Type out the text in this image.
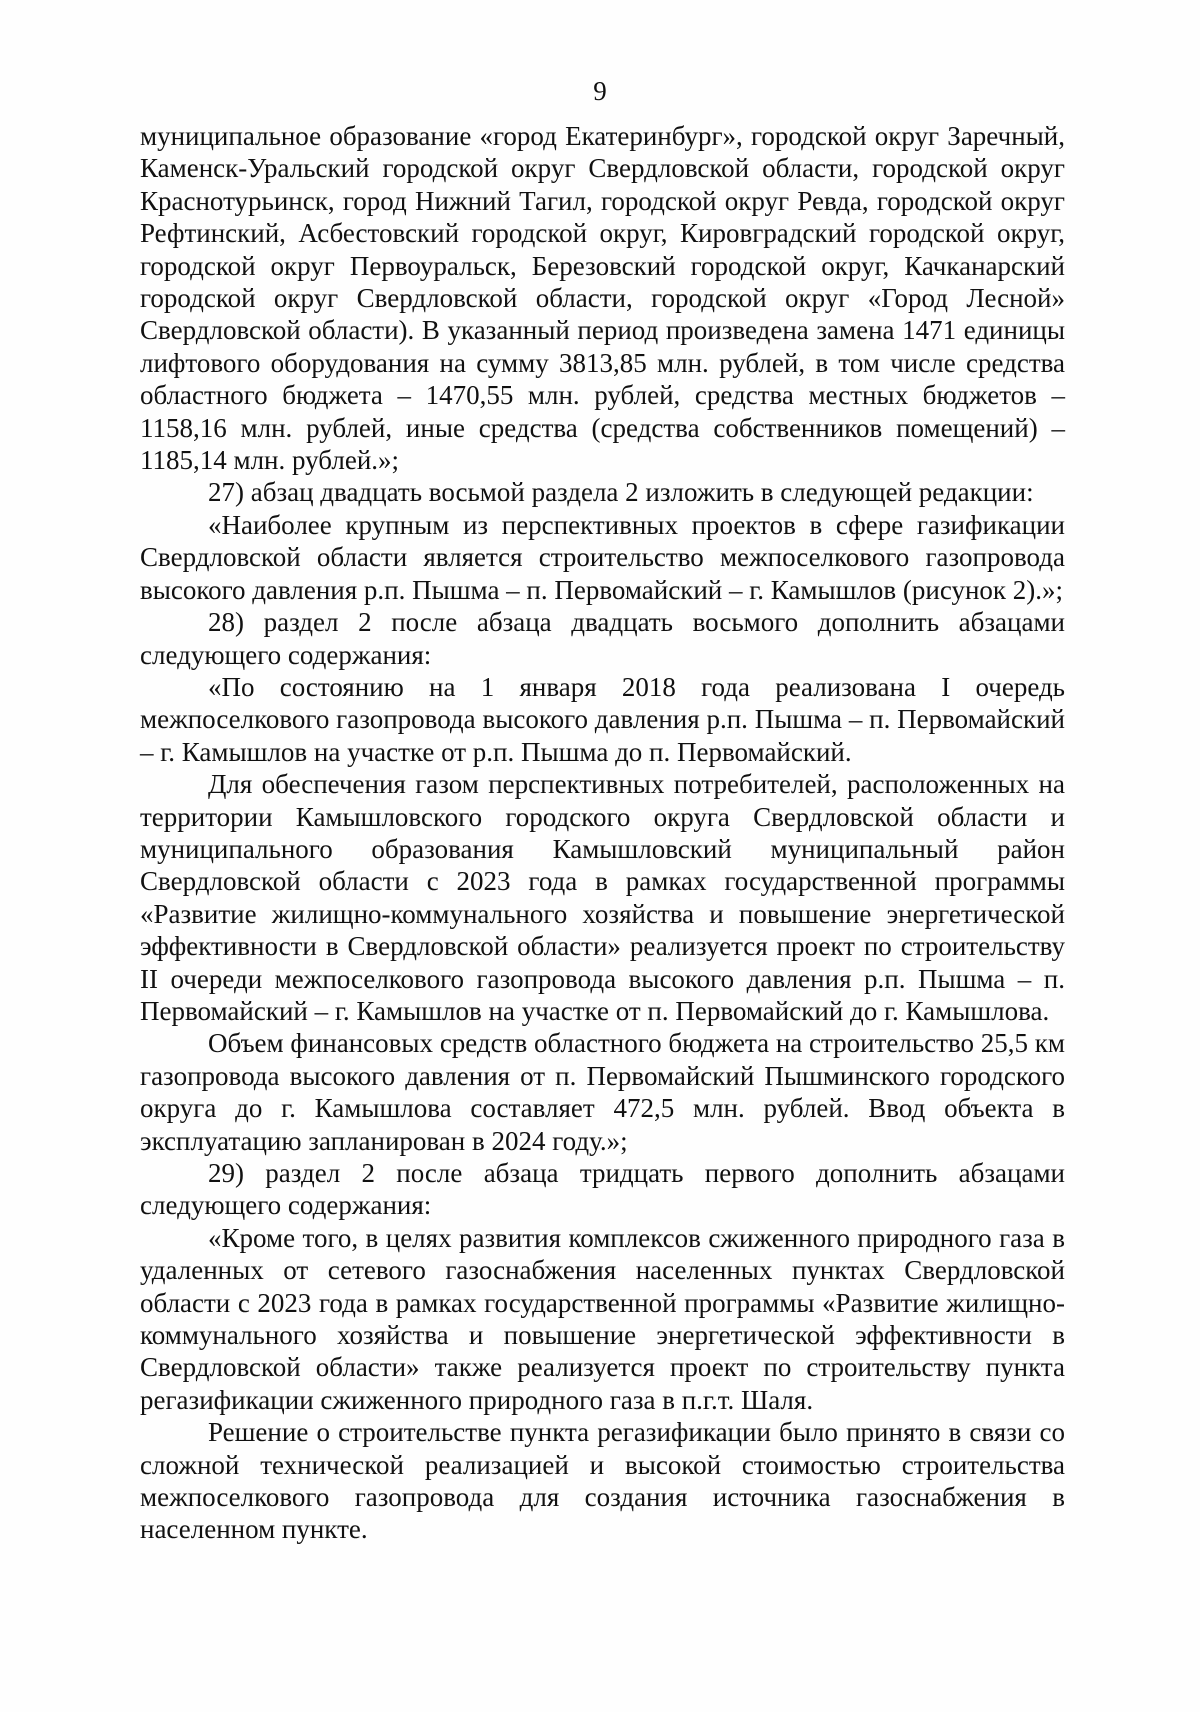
9

муниципальное образование «город Екатеринбург», городской округ Заречный, Каменск-Уральский городской округ Свердловской области, городской округ Краснотурьинск, город Нижний Тагил, городской округ Ревда, городской округ Рефтинский, Асбестовский городской округ, Кировградский городской округ, городской округ Первоуральск, Березовский городской округ, Качканарский городской округ Свердловской области, городской округ «Город Лесной» Свердловской области). В указанный период произведена замена 1471 единицы лифтового оборудования на сумму 3813,85 млн. рублей, в том числе средства областного бюджета – 1470,55 млн. рублей, средства местных бюджетов – 1158,16 млн. рублей, иные средства (средства собственников помещений) – 1185,14 млн. рублей.»;

27) абзац двадцать восьмой раздела 2 изложить в следующей редакции:

«Наиболее крупным из перспективных проектов в сфере газификации Свердловской области является строительство межпоселкового газопровода высокого давления р.п. Пышма – п. Первомайский – г. Камышлов (рисунок 2).»;

28) раздел 2 после абзаца двадцать восьмого дополнить абзацами следующего содержания:

«По состоянию на 1 января 2018 года реализована I очередь межпоселкового газопровода высокого давления р.п. Пышма – п. Первомайский – г. Камышлов на участке от р.п. Пышма до п. Первомайский.

Для обеспечения газом перспективных потребителей, расположенных на территории Камышловского городского округа Свердловской области и муниципального образования Камышловский муниципальный район Свердловской области с 2023 года в рамках государственной программы «Развитие жилищно-коммунального хозяйства и повышение энергетической эффективности в Свердловской области» реализуется проект по строительству II очереди межпоселкового газопровода высокого давления р.п. Пышма – п. Первомайский – г. Камышлов на участке от п. Первомайский до г. Камышлова.

Объем финансовых средств областного бюджета на строительство 25,5 км газопровода высокого давления от п. Первомайский Пышминского городского округа до г. Камышлова составляет 472,5 млн. рублей. Ввод объекта в эксплуатацию запланирован в 2024 году.»;

29) раздел 2 после абзаца тридцать первого дополнить абзацами следующего содержания:

«Кроме того, в целях развития комплексов сжиженного природного газа в удаленных от сетевого газоснабжения населенных пунктах Свердловской области с 2023 года в рамках государственной программы «Развитие жилищно-коммунального хозяйства и повышение энергетической эффективности в Свердловской области» также реализуется проект по строительству пункта регазификации сжиженного природного газа в п.г.т. Шаля.

Решение о строительстве пункта регазификации было принято в связи со сложной технической реализацией и высокой стоимостью строительства межпоселкового газопровода для создания источника газоснабжения в населенном пункте.
